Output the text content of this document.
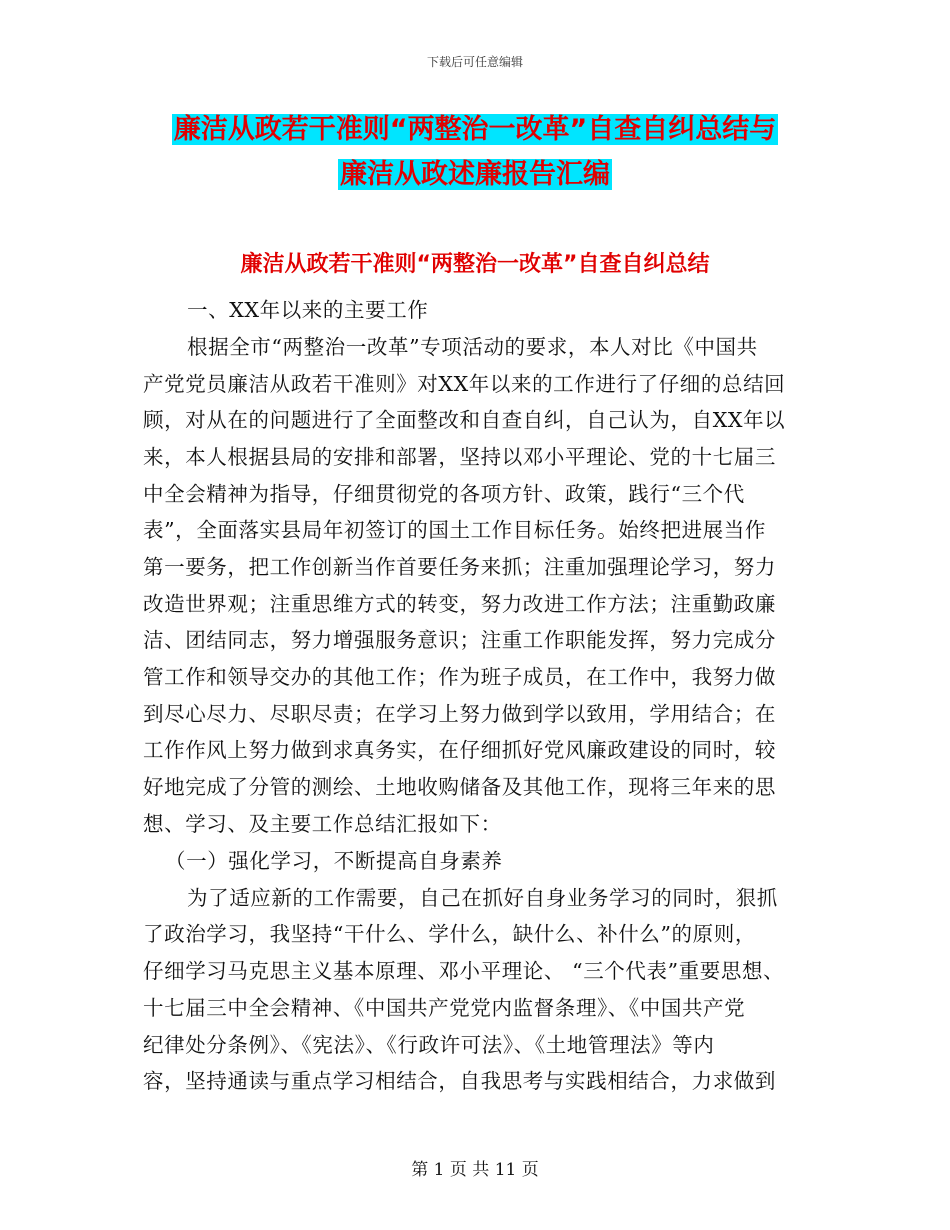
下载后可任意编辑
廉洁从政若干准则“两整治一改革”自查自纠总结与
廉洁从政述廉报告汇编
廉洁从政若干准则“两整治一改革”自查自纠总结
一、XX年以来的主要工作
根据全市“两整治一改革”专项活动的要求，本人对比《中国共
产党党员廉洁从政若干准则》对XX年以来的工作进行了仔细的总结回
顾，对从在的问题进行了全面整改和自查自纠，自己认为，自XX年以
来，本人根据县局的安排和部署，坚持以邓小平理论、党的十七届三
中全会精神为指导，仔细贯彻党的各项方针、政策，践行“三个代
表”，全面落实县局年初签订的国土工作目标任务。始终把进展当作
第一要务，把工作创新当作首要任务来抓；注重加强理论学习，努力
改造世界观；注重思维方式的转变，努力改进工作方法；注重勤政廉
洁、团结同志，努力增强服务意识；注重工作职能发挥，努力完成分
管工作和领导交办的其他工作；作为班子成员，在工作中，我努力做
到尽心尽力、尽职尽责；在学习上努力做到学以致用，学用结合；在
工作作风上努力做到求真务实，在仔细抓好党风廉政建设的同时，较
好地完成了分管的测绘、土地收购储备及其他工作，现将三年来的思
想、学习、及主要工作总结汇报如下：
（一）强化学习，不断提高自身素养
为了适应新的工作需要，自己在抓好自身业务学习的同时，狠抓
了政治学习，我坚持“干什么、学什么，缺什么、补什么”的原则，
仔细学习马克思主义基本原理、邓小平理论、 “三个代表”重要思想、
十七届三中全会精神、《中国共产党党内监督条理》、《中国共产党
纪律处分条例》、《宪法》、《行政许可法》、《土地管理法》等内
容，坚持通读与重点学习相结合，自我思考与实践相结合，力求做到
第 1 页 共 11 页
